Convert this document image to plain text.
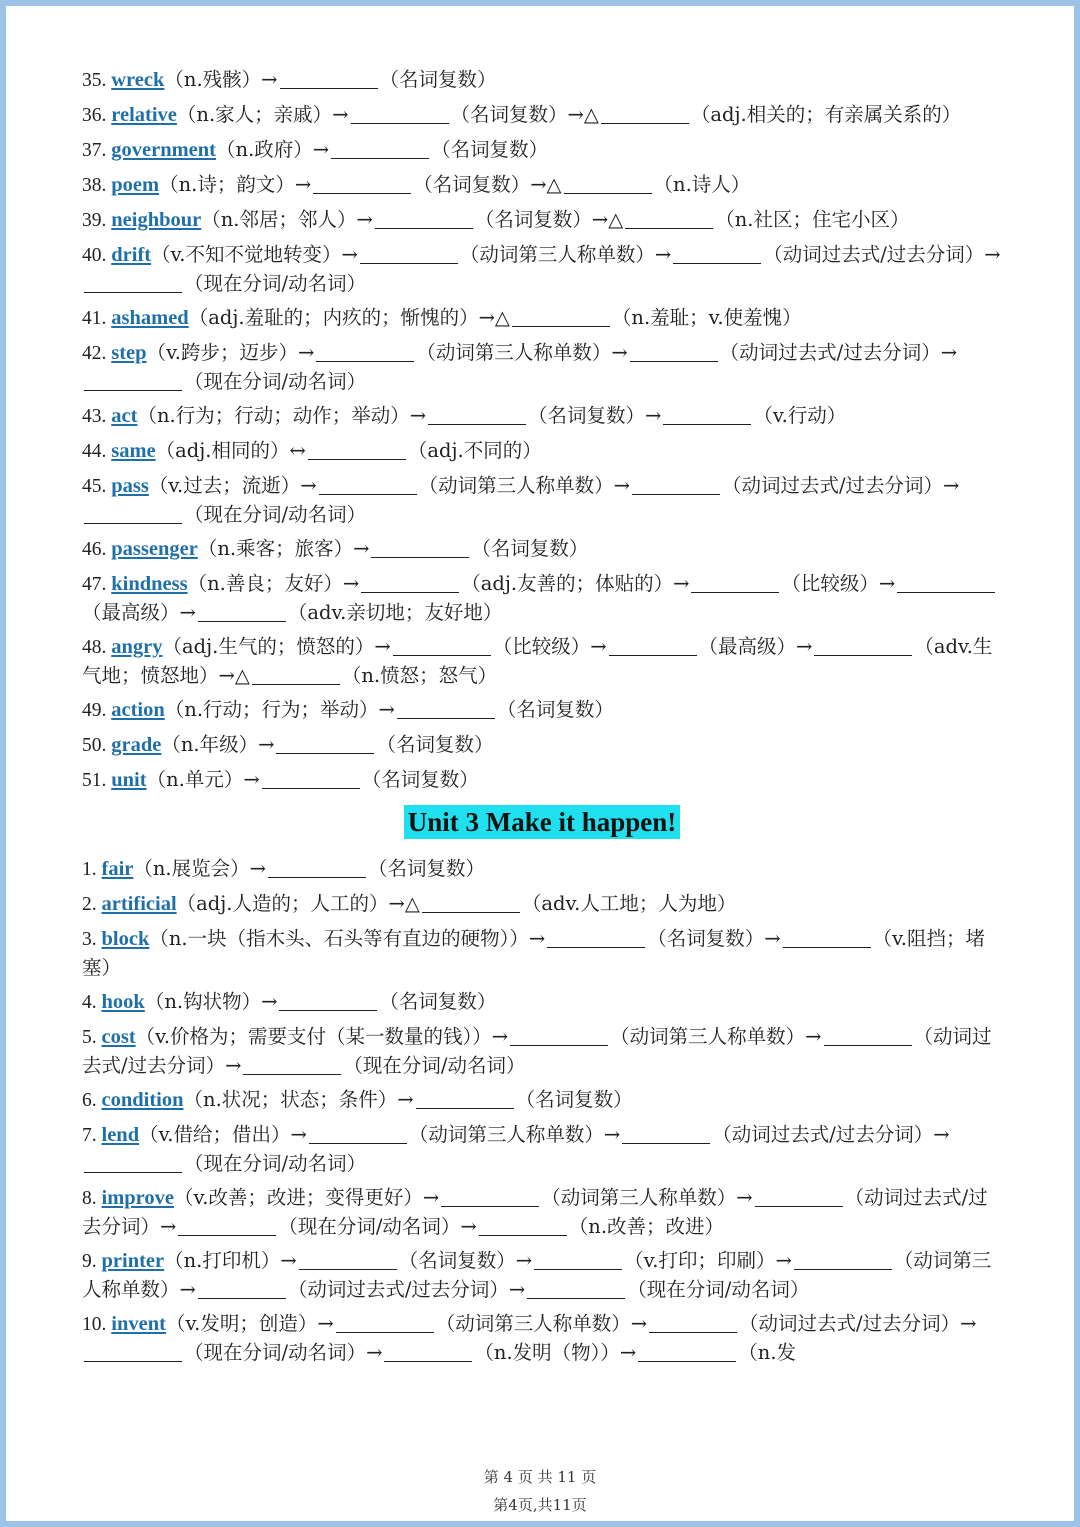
35. wreck（n.残骸）→	（名词复数）
36. relative（n.家人；亲戚）→	（名词复数）→△	（adj.相关的；有亲属关系的）
37. government（n.政府）→	（名词复数）
38. poem（n.诗；韵文）→	（名词复数）→△	（n.诗人）
39. neighbour（n.邻居；邻人）→	（名词复数）→△	（n.社区；住宅小区）
40. drift（v.不知不觉地转变）→	（动词第三人称单数）→	（动词过去式/过去分词）→（现在分词/动名词）
41. ashamed（adj.羞耻的；内疚的；惭愧的）→△	（n.羞耻；v.使羞愧）
42. step（v.跨步；迈步）→	（动词第三人称单数）→	（动词过去式/过去分词）→（现在分词/动名词）
43. act（n.行为；行动；动作；举动）→	（名词复数）→	（v.行动）
44. same（adj.相同的）↔	（adj.不同的）
45. pass（v.过去；流逝）→	（动词第三人称单数）→	（动词过去式/过去分词）→（现在分词/动名词）
46. passenger（n.乘客；旅客）→	（名词复数）
47. kindness（n.善良；友好）→	（adj.友善的；体贴的）→	（比较级）→（最高级）→	（adv.亲切地；友好地）
48. angry（adj.生气的；愤怒的）→	（比较级）→	（最高级）→	（adv.生气地；愤怒地）→△	（n.愤怒；怒气）
49. action（n.行动；行为；举动）→	（名词复数）
50. grade（n.年级）→	（名词复数）
51. unit（n.单元）→	（名词复数）
Unit 3 Make it happen!
1. fair（n.展览会）→	（名词复数）
2. artificial（adj.人造的；人工的）→△	（adv.人工地；人为地）
3. block（n.一块（指木头、石头等有直边的硬物））→	（名词复数）→	（v.阻挡；堵塞）
4. hook（n.钩状物）→	（名词复数）
5. cost（v.价格为；需要支付（某一数量的钱））→	（动词第三人称单数）→	（动词过去式/过去分词）→	（现在分词/动名词）
6. condition（n.状况；状态；条件）→	（名词复数）
7. lend（v.借给；借出）→	（动词第三人称单数）→	（动词过去式/过去分词）→（现在分词/动名词）
8. improve（v.改善；改进；变得更好）→	（动词第三人称单数）→	（动词过去式/过去分词）→	（现在分词/动名词）→	（n.改善；改进）
9. printer（n.打印机）→	（名词复数）→	（v.打印；印刷）→	（动词第三人称单数）→	（动词过去式/过去分词）→	（现在分词/动名词）
10. invent（v.发明；创造）→	（动词第三人称单数）→	（动词过去式/过去分词）→（现在分词/动名词）→	（n.发明（物））→	（n.发
第 4 页 共 11 页
第4页,共11页
